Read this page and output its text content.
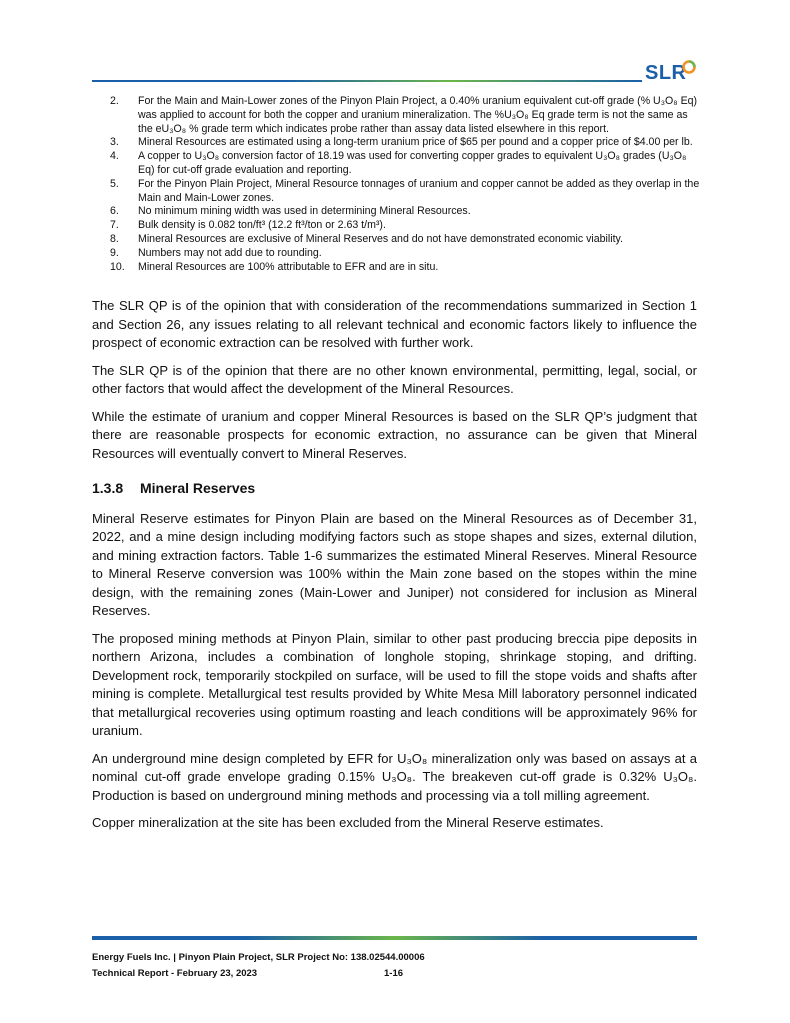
SLR
2.	For the Main and Main-Lower zones of the Pinyon Plain Project, a 0.40% uranium equivalent cut-off grade (% U₃O₈ Eq) was applied to account for both the copper and uranium mineralization. The %U₃O₈ Eq grade term is not the same as the eU₃O₈ % grade term which indicates probe rather than assay data listed elsewhere in this report.
3.	Mineral Resources are estimated using a long-term uranium price of $65 per pound and a copper price of $4.00 per lb.
4.	A copper to U₃O₈ conversion factor of 18.19 was used for converting copper grades to equivalent U₃O₈ grades (U₃O₈ Eq) for cut-off grade evaluation and reporting.
5.	For the Pinyon Plain Project, Mineral Resource tonnages of uranium and copper cannot be added as they overlap in the Main and Main-Lower zones.
6.	No minimum mining width was used in determining Mineral Resources.
7.	Bulk density is 0.082 ton/ft³ (12.2 ft³/ton or 2.63 t/m³).
8.	Mineral Resources are exclusive of Mineral Reserves and do not have demonstrated economic viability.
9.	Numbers may not add due to rounding.
10.	Mineral Resources are 100% attributable to EFR and are in situ.

The SLR QP is of the opinion that with consideration of the recommendations summarized in Section 1 and Section 26, any issues relating to all relevant technical and economic factors likely to influence the prospect of economic extraction can be resolved with further work.

The SLR QP is of the opinion that there are no other known environmental, permitting, legal, social, or other factors that would affect the development of the Mineral Resources.

While the estimate of uranium and copper Mineral Resources is based on the SLR QP’s judgment that there are reasonable prospects for economic extraction, no assurance can be given that Mineral Resources will eventually convert to Mineral Reserves.

1.3.8 Mineral Reserves

Mineral Reserve estimates for Pinyon Plain are based on the Mineral Resources as of December 31, 2022, and a mine design including modifying factors such as stope shapes and sizes, external dilution, and mining extraction factors. Table 1-6 summarizes the estimated Mineral Reserves. Mineral Resource to Mineral Reserve conversion was 100% within the Main zone based on the stopes within the mine design, with the remaining zones (Main-Lower and Juniper) not considered for inclusion as Mineral Reserves.

The proposed mining methods at Pinyon Plain, similar to other past producing breccia pipe deposits in northern Arizona, includes a combination of longhole stoping, shrinkage stoping, and drifting. Development rock, temporarily stockpiled on surface, will be used to fill the stope voids and shafts after mining is complete. Metallurgical test results provided by White Mesa Mill laboratory personnel indicated that metallurgical recoveries using optimum roasting and leach conditions will be approximately 96% for uranium.

An underground mine design completed by EFR for U₃O₈ mineralization only was based on assays at a nominal cut-off grade envelope grading 0.15% U₃O₈. The breakeven cut-off grade is 0.32% U₃O₈. Production is based on underground mining methods and processing via a toll milling agreement.

Copper mineralization at the site has been excluded from the Mineral Reserve estimates.

Energy Fuels Inc. | Pinyon Plain Project, SLR Project No: 138.02544.00006
Technical Report - February 23, 2023	1-16
